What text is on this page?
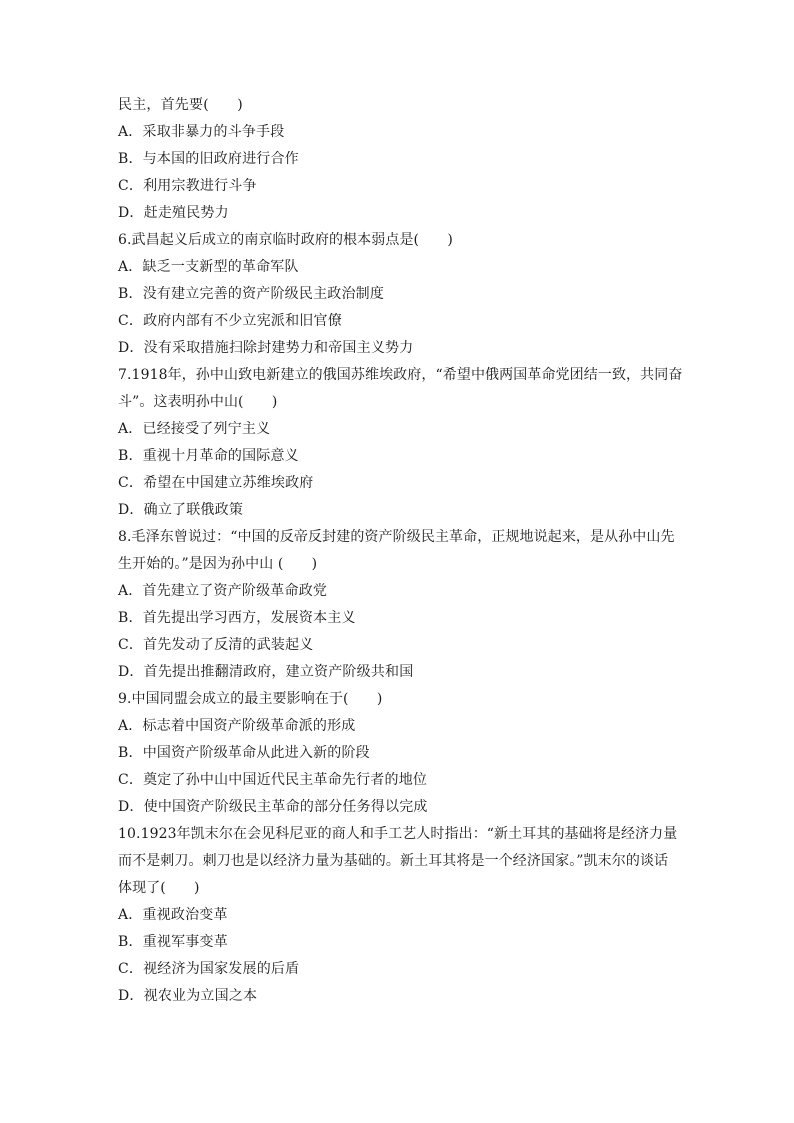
民主，首先要(　　)
A．采取非暴力的斗争手段
B．与本国的旧政府进行合作
C．利用宗教进行斗争
D．赶走殖民势力
6.武昌起义后成立的南京临时政府的根本弱点是(　　)
A．缺乏一支新型的革命军队
B．没有建立完善的资产阶级民主政治制度
C．政府内部有不少立宪派和旧官僚
D．没有采取措施扫除封建势力和帝国主义势力
7.1918年，孙中山致电新建立的俄国苏维埃政府，“希望中俄两国革命党团结一致，共同奋
斗”。这表明孙中山(　　)
A．已经接受了列宁主义
B．重视十月革命的国际意义
C．希望在中国建立苏维埃政府
D．确立了联俄政策
8.毛泽东曾说过：“中国的反帝反封建的资产阶级民主革命，正规地说起来，是从孙中山先
生开始的。”是因为孙中山 (　　)
A．首先建立了资产阶级革命政党
B．首先提出学习西方，发展资本主义
C．首先发动了反清的武装起义
D．首先提出推翻清政府，建立资产阶级共和国
9.中国同盟会成立的最主要影响在于(　　)
A．标志着中国资产阶级革命派的形成
B．中国资产阶级革命从此进入新的阶段
C．奠定了孙中山中国近代民主革命先行者的地位
D．使中国资产阶级民主革命的部分任务得以完成
10.1923年凯末尔在会见科尼亚的商人和手工艺人时指出：“新土耳其的基础将是经济力量
而不是刺刀。刺刀也是以经济力量为基础的。新土耳其将是一个经济国家。”凯末尔的谈话
体现了(　　)
A．重视政治变革
B．重视军事变革
C．视经济为国家发展的后盾
D．视农业为立国之本
